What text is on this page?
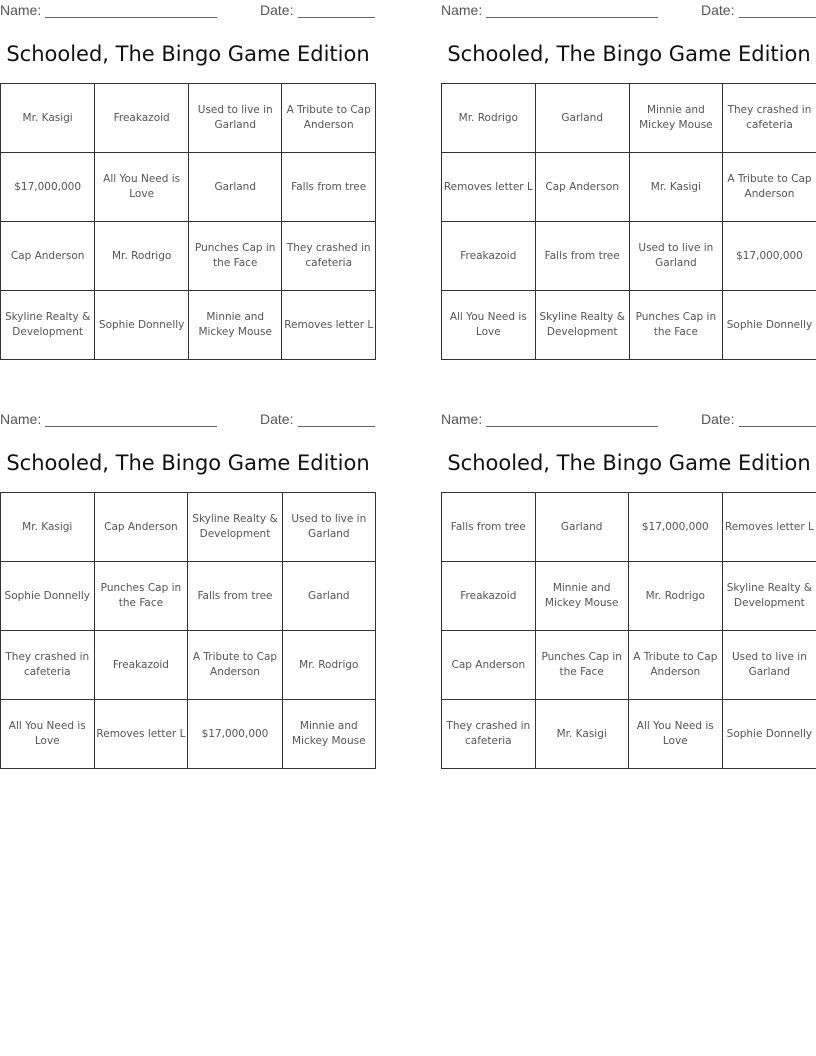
Name:	Date:
Schooled, The Bingo Game Edition
Mr. Kasigi	Freakazoid	Used to live in Garland	A Tribute to Cap Anderson
$17,000,000	All You Need is Love	Garland	Falls from tree
Cap Anderson	Mr. Rodrigo	Punches Cap in the Face	They crashed in cafeteria
Skyline Realty & Development	Sophie Donnelly	Minnie and Mickey Mouse	Removes letter L
Name:	Date:
Schooled, The Bingo Game Edition
Mr. Rodrigo	Garland	Minnie and Mickey Mouse	They crashed in cafeteria
Removes letter L	Cap Anderson	Mr. Kasigi	A Tribute to Cap Anderson
Freakazoid	Falls from tree	Used to live in Garland	$17,000,000
All You Need is Love	Skyline Realty & Development	Punches Cap in the Face	Sophie Donnelly
Name:	Date:
Schooled, The Bingo Game Edition
Mr. Kasigi	Cap Anderson	Skyline Realty & Development	Used to live in Garland
Sophie Donnelly	Punches Cap in the Face	Falls from tree	Garland
They crashed in cafeteria	Freakazoid	A Tribute to Cap Anderson	Mr. Rodrigo
All You Need is Love	Removes letter L	$17,000,000	Minnie and Mickey Mouse
Name:	Date:
Schooled, The Bingo Game Edition
Falls from tree	Garland	$17,000,000	Removes letter L
Freakazoid	Minnie and Mickey Mouse	Mr. Rodrigo	Skyline Realty & Development
Cap Anderson	Punches Cap in the Face	A Tribute to Cap Anderson	Used to live in Garland
They crashed in cafeteria	Mr. Kasigi	All You Need is Love	Sophie Donnelly
